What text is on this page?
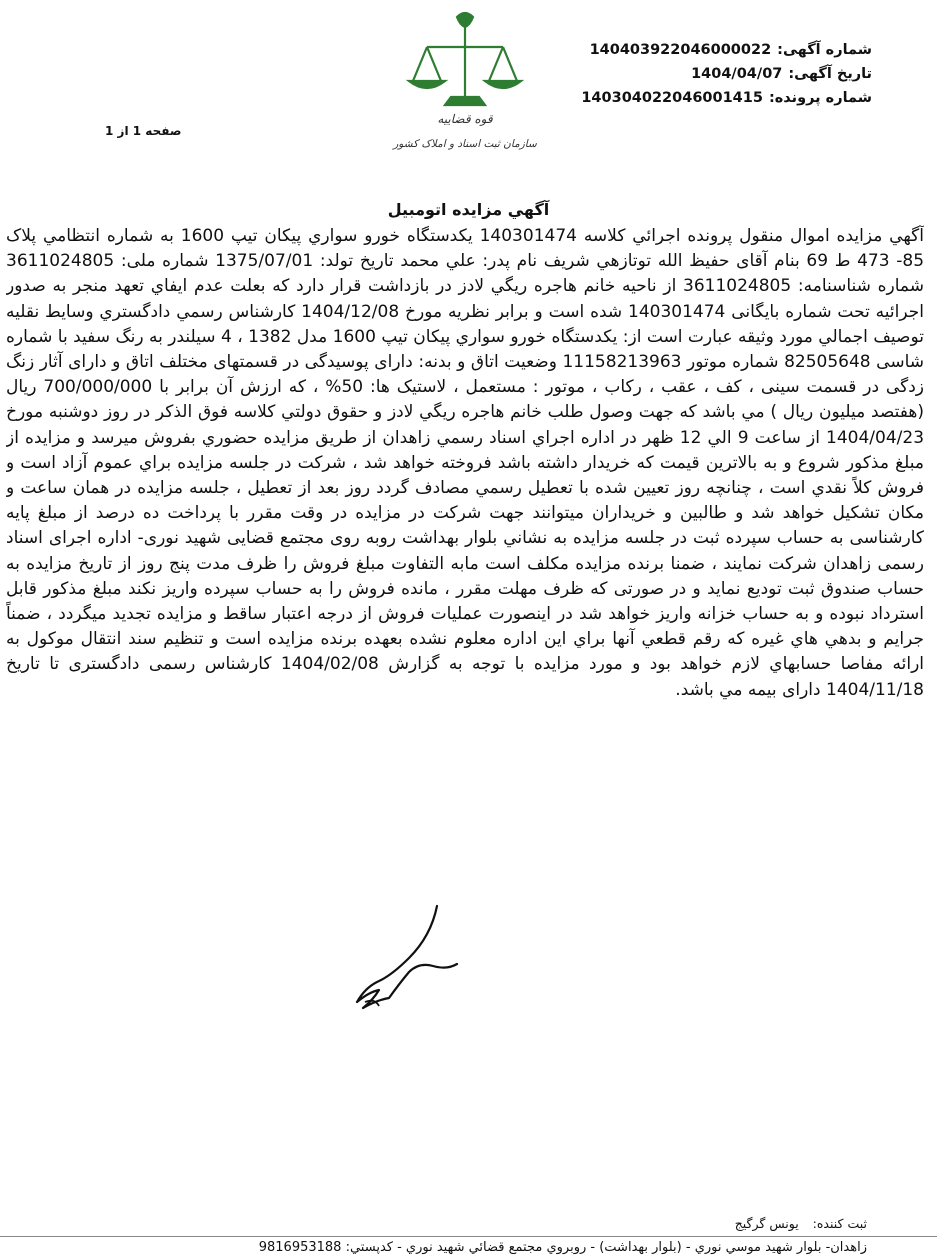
شماره آگهی:140403922046000022
تاریخ آگهی:1404/04/07
شماره پرونده:140304022046001415
قوه قضاییه
سازمان ثبت اسناد و املاک کشور
صفحه 1 از 1
آگهي مزايده اتومبيل

آگهي مزايده اموال منقول پرونده اجرائي كلاسه 140301474 يكدستگاه خورو سواري پيكان تيپ 1600 به شماره انتظامي پلاک 85- 473 ط 69 بنام آقای حفيظ الله توتازهي شريف نام پدر: علي محمد تاريخ تولد: 1375/07/01 شماره ملی: 3611024805 شماره شناسنامه: 3611024805 از ناحيه خانم هاجره ريگي لادز در بازداشت قرار دارد كه بعلت عدم ايفاي تعهد منجر به صدور اجرائيه تحت شماره بايگانی 140301474 شده است و برابر نظريه مورخ 1404/12/08 كارشناس رسمي دادگستري وسايط نقليه توصيف اجمالي مورد وثيقه عبارت است از: يكدستگاه خورو سواري پيكان تيپ 1600 مدل 1382 ، 4 سيلندر به رنگ سفيد با شماره شاسی 82505648 شماره موتور 11158213963 وضعيت اتاق و بدنه: دارای پوسيدگی در قسمتهای مختلف اتاق و دارای آثار زنگ زدگی در قسمت سينی ، كف ، عقب ، ركاب ، موتور : مستعمل ، لاستيک ها: 50% ، كه ارزش آن برابر با 700/000/000 ريال (هفتصد ميليون ريال ) مي باشد كه جهت وصول طلب خانم هاجره ريگي لادز و حقوق دولتي كلاسه فوق الذكر در روز دوشنبه مورخ 1404/04/23 از ساعت 9 الي 12 ظهر در اداره اجراي اسناد رسمي زاهدان از طريق مزايده حضوري بفروش ميرسد و مزايده از مبلغ مذكور شروع و به بالاترين قيمت كه خريدار داشته باشد فروخته خواهد شد ، شركت در جلسه مزايده براي عموم آزاد است و فروش كلاً نقدي است ، چنانچه روز تعيين شده با تعطيل رسمي مصادف گردد روز بعد از تعطيل ، جلسه مزايده در همان ساعت و مكان تشكيل خواهد شد و طالبين و خريداران ميتوانند جهت شركت در مزايده در وقت مقرر با پرداخت ده درصد از مبلغ پايه كارشناسی به حساب سپرده ثبت در جلسه مزايده به نشاني بلوار بهداشت روبه روی مجتمع قضايی شهيد نوری- اداره اجرای اسناد رسمی زاهدان شركت نمايند ، ضمنا برنده مزايده مكلف است مابه التفاوت مبلغ فروش را ظرف مدت پنج روز از تاريخ مزايده به حساب صندوق ثبت توديع نمايد و در صورتی كه ظرف مهلت مقرر ، مانده فروش را به حساب سپرده واريز نكند مبلغ مذكور قابل استرداد نبوده و به حساب خزانه واريز خواهد شد در اينصورت عمليات فروش از درجه اعتبار ساقط و مزايده تجديد ميگردد ، ضمناً جرايم و بدهي هاي غيره كه رقم قطعي آنها براي اين اداره معلوم نشده بعهده برنده مزايده است و تنظيم سند انتقال موكول به ارائه مفاصا حسابهاي لازم خواهد بود و مورد مزايده با توجه به گزارش 1404/02/08 كارشناس رسمی دادگستری تا تاريخ 1404/11/18 دارای بيمه مي باشد.

ثبت كننده: يونس گرگيج
زاهدان- بلوار شهيد موسي نوري - (بلوار بهداشت) - روبروي مجتمع قضائي شهيد نوري - كدپستي: 9816953188
